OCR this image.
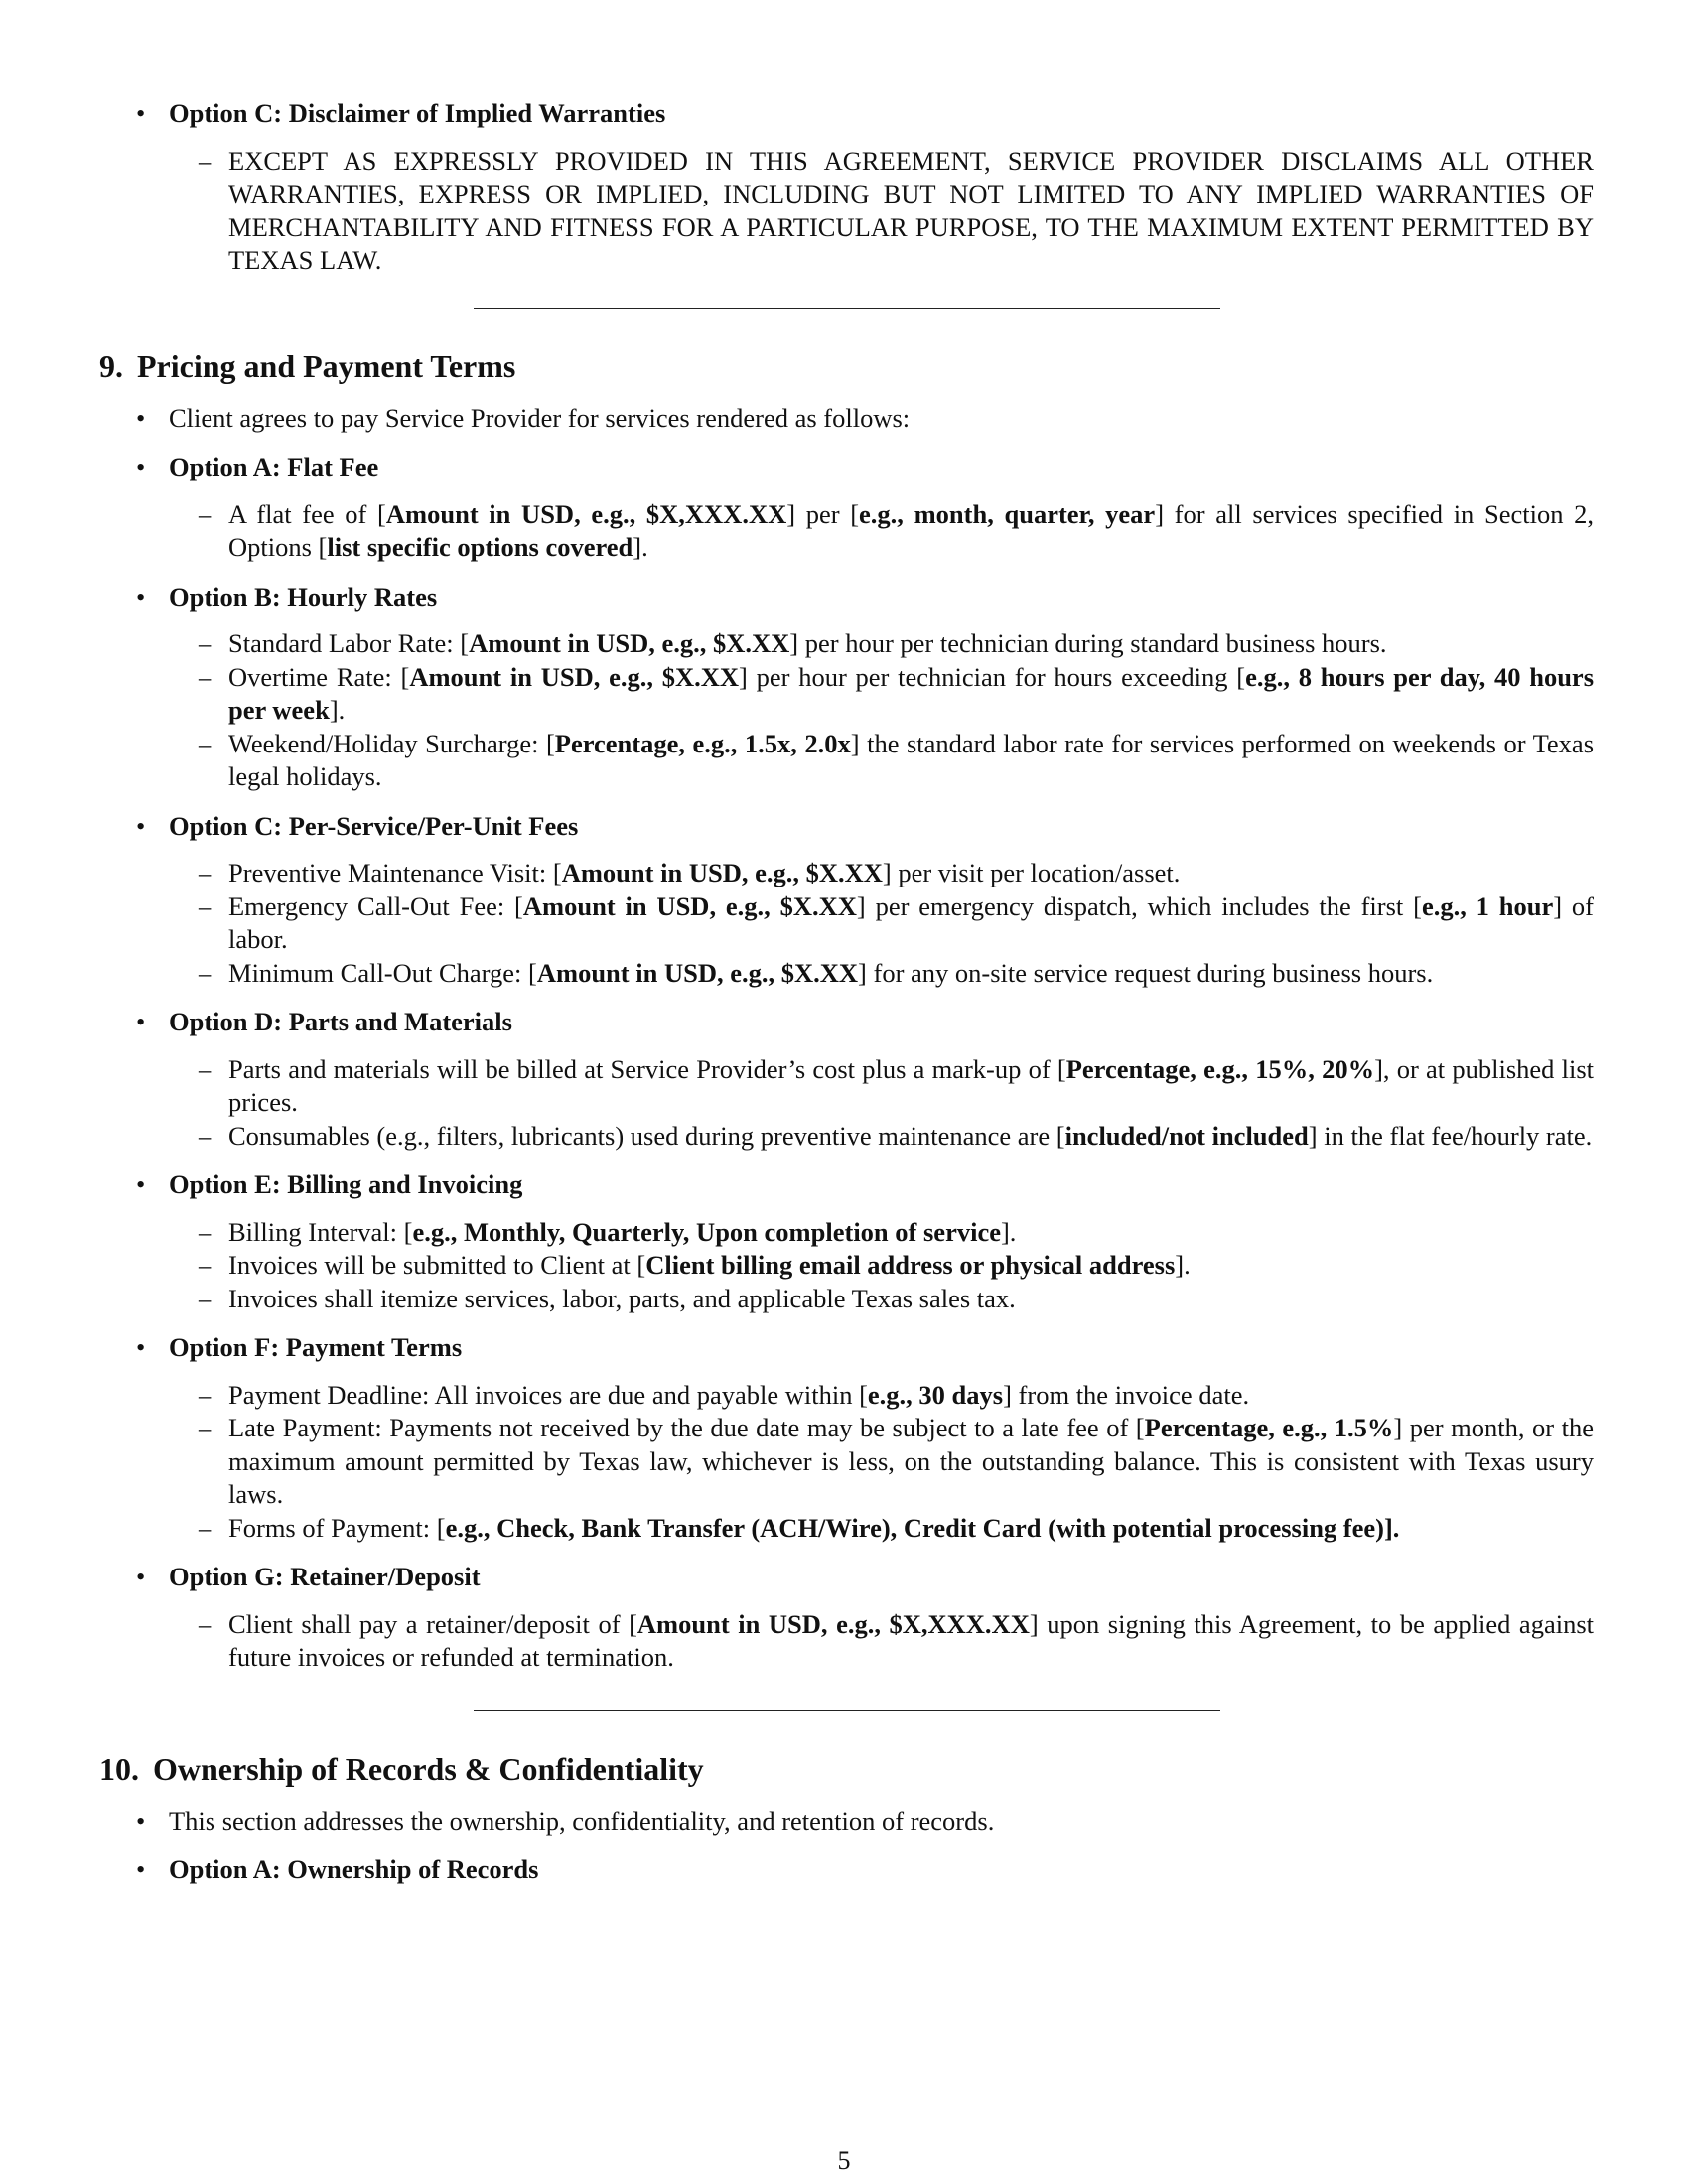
• Option C: Disclaimer of Implied Warranties
– EXCEPT AS EXPRESSLY PROVIDED IN THIS AGREEMENT, SERVICE PROVIDER DISCLAIMS ALL OTHER WARRANTIES, EXPRESS OR IMPLIED, INCLUDING BUT NOT LIMITED TO ANY IMPLIED WARRANTIES OF MERCHANTABILITY AND FITNESS FOR A PARTICULAR PURPOSE, TO THE MAXIMUM EXTENT PERMITTED BY TEXAS LAW.
9. Pricing and Payment Terms
• Client agrees to pay Service Provider for services rendered as follows:
• Option A: Flat Fee
– A flat fee of [Amount in USD, e.g., $X,XXX.XX] per [e.g., month, quarter, year] for all services specified in Section 2, Options [list specific options covered].
• Option B: Hourly Rates
– Standard Labor Rate: [Amount in USD, e.g., $X.XX] per hour per technician during standard business hours.
– Overtime Rate: [Amount in USD, e.g., $X.XX] per hour per technician for hours exceeding [e.g., 8 hours per day, 40 hours per week].
– Weekend/Holiday Surcharge: [Percentage, e.g., 1.5x, 2.0x] the standard labor rate for services performed on weekends or Texas legal holidays.
• Option C: Per-Service/Per-Unit Fees
– Preventive Maintenance Visit: [Amount in USD, e.g., $X.XX] per visit per location/asset.
– Emergency Call-Out Fee: [Amount in USD, e.g., $X.XX] per emergency dispatch, which includes the first [e.g., 1 hour] of labor.
– Minimum Call-Out Charge: [Amount in USD, e.g., $X.XX] for any on-site service request during business hours.
• Option D: Parts and Materials
– Parts and materials will be billed at Service Provider’s cost plus a mark-up of [Percentage, e.g., 15%, 20%], or at published list prices.
– Consumables (e.g., filters, lubricants) used during preventive maintenance are [included/not included] in the flat fee/hourly rate.
• Option E: Billing and Invoicing
– Billing Interval: [e.g., Monthly, Quarterly, Upon completion of service].
– Invoices will be submitted to Client at [Client billing email address or physical address].
– Invoices shall itemize services, labor, parts, and applicable Texas sales tax.
• Option F: Payment Terms
– Payment Deadline: All invoices are due and payable within [e.g., 30 days] from the invoice date.
– Late Payment: Payments not received by the due date may be subject to a late fee of [Percentage, e.g., 1.5%] per month, or the maximum amount permitted by Texas law, whichever is less, on the outstanding balance. This is consistent with Texas usury laws.
– Forms of Payment: [e.g., Check, Bank Transfer (ACH/Wire), Credit Card (with potential processing fee)].
• Option G: Retainer/Deposit
– Client shall pay a retainer/deposit of [Amount in USD, e.g., $X,XXX.XX] upon signing this Agreement, to be applied against future invoices or refunded at termination.
10. Ownership of Records & Confidentiality
• This section addresses the ownership, confidentiality, and retention of records.
• Option A: Ownership of Records
5
